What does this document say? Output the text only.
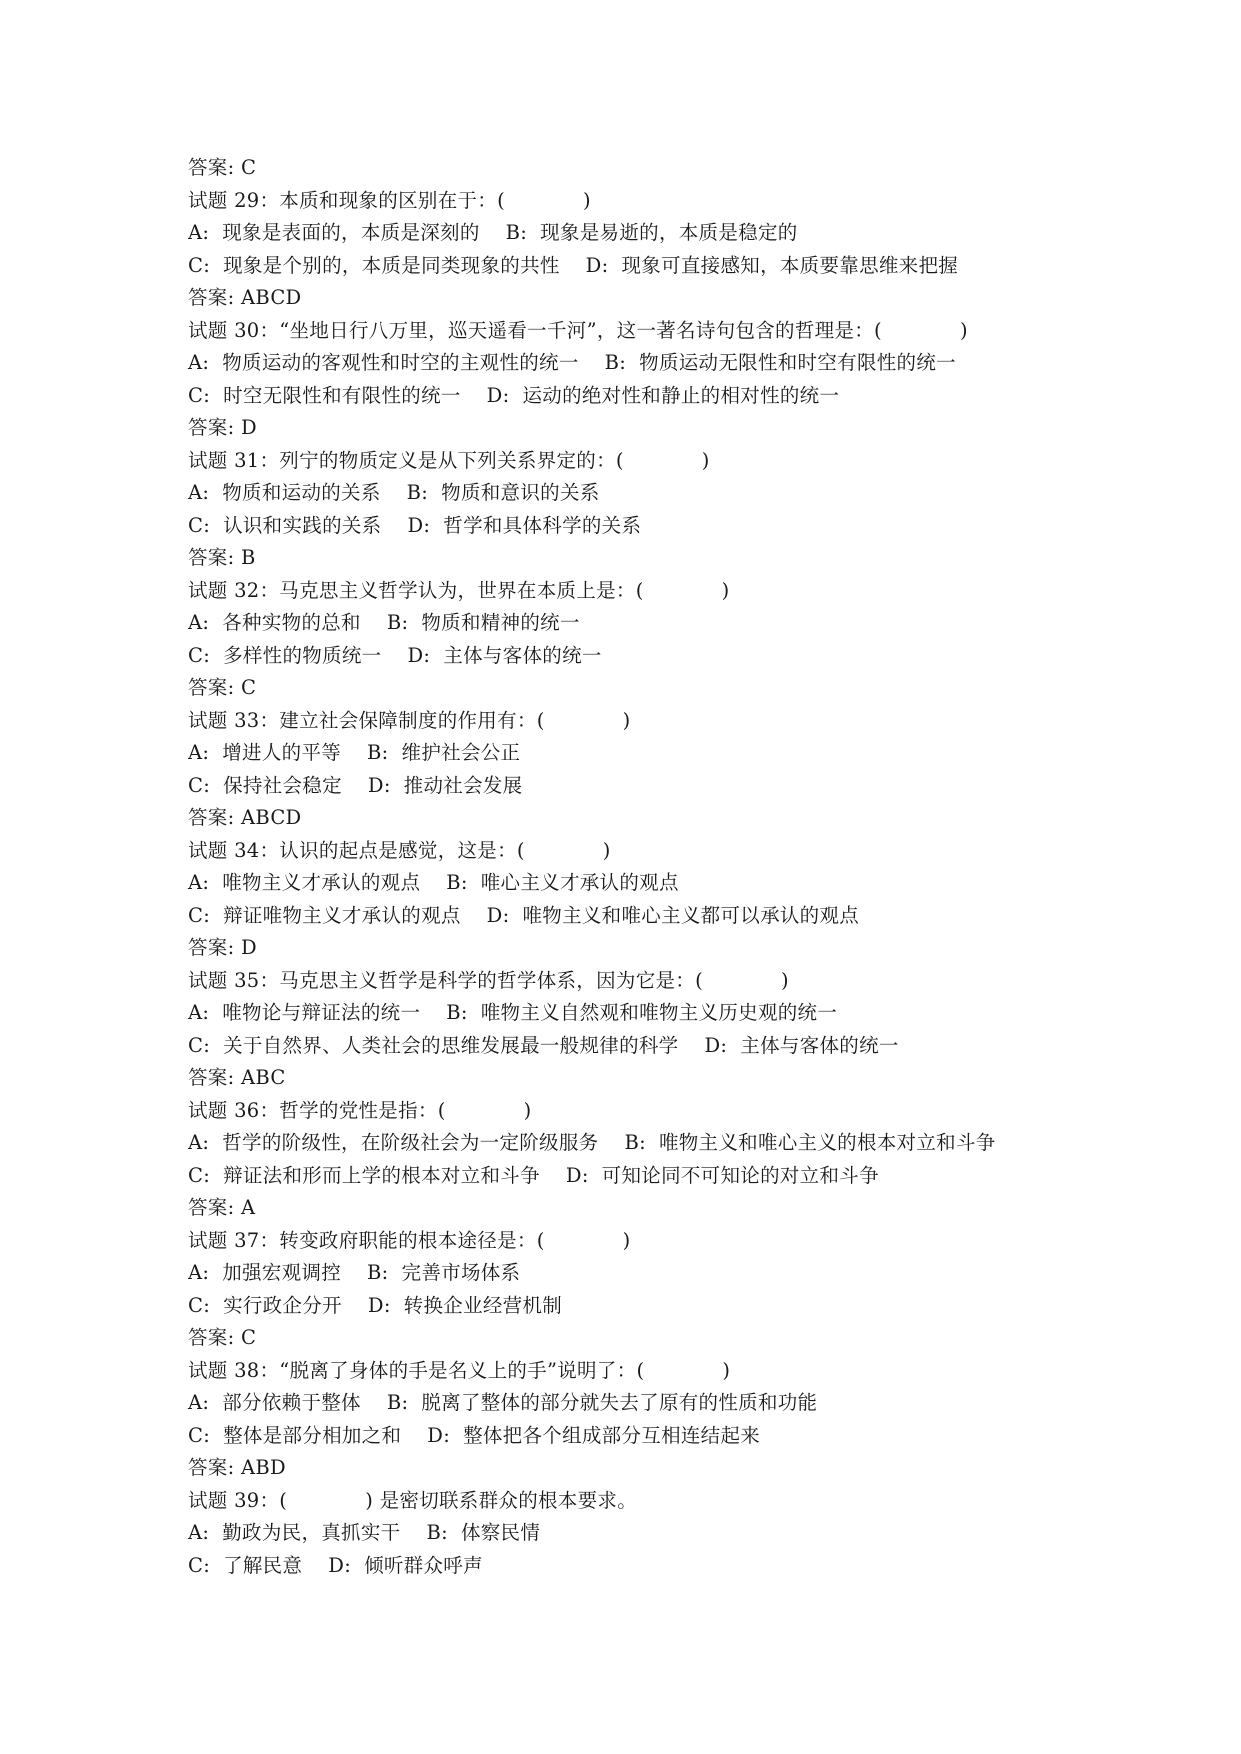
答案: C
试题 29：本质和现象的区别在于：(            )
A:  现象是表面的，本质是深刻的    B:  现象是易逝的，本质是稳定的
C:  现象是个别的，本质是同类现象的共性    D:  现象可直接感知，本质要靠思维来把握
答案: ABCD
试题 30：“坐地日行八万里，巡天遥看一千河”，这一著名诗句包含的哲理是：(            )
A:  物质运动的客观性和时空的主观性的统一    B:  物质运动无限性和时空有限性的统一
C:  时空无限性和有限性的统一    D:  运动的绝对性和静止的相对性的统一
答案: D
试题 31：列宁的物质定义是从下列关系界定的：(            )
A:  物质和运动的关系    B:  物质和意识的关系
C:  认识和实践的关系    D:  哲学和具体科学的关系
答案: B
试题 32：马克思主义哲学认为，世界在本质上是：(            )
A:  各种实物的总和    B:  物质和精神的统一
C:  多样性的物质统一    D:  主体与客体的统一
答案: C
试题 33：建立社会保障制度的作用有：(            )
A:  增进人的平等    B:  维护社会公正
C:  保持社会稳定    D:  推动社会发展
答案: ABCD
试题 34：认识的起点是感觉，这是：(            )
A:  唯物主义才承认的观点    B:  唯心主义才承认的观点
C:  辩证唯物主义才承认的观点    D:  唯物主义和唯心主义都可以承认的观点
答案: D
试题 35：马克思主义哲学是科学的哲学体系，因为它是：(            )
A:  唯物论与辩证法的统一    B:  唯物主义自然观和唯物主义历史观的统一
C:  关于自然界、人类社会的思维发展最一般规律的科学    D:  主体与客体的统一
答案: ABC
试题 36：哲学的党性是指：(            )
A:  哲学的阶级性，在阶级社会为一定阶级服务    B:  唯物主义和唯心主义的根本对立和斗争
C:  辩证法和形而上学的根本对立和斗争    D:  可知论同不可知论的对立和斗争
答案: A
试题 37：转变政府职能的根本途径是：(            )
A:  加强宏观调控    B:  完善市场体系
C:  实行政企分开    D:  转换企业经营机制
答案: C
试题 38：“脱离了身体的手是名义上的手”说明了：(            )
A:  部分依赖于整体    B:  脱离了整体的部分就失去了原有的性质和功能
C:  整体是部分相加之和    D:  整体把各个组成部分互相连结起来
答案: ABD
试题 39：(            ) 是密切联系群众的根本要求。
A:  勤政为民，真抓实干    B:  体察民情
C:  了解民意    D:  倾听群众呼声
